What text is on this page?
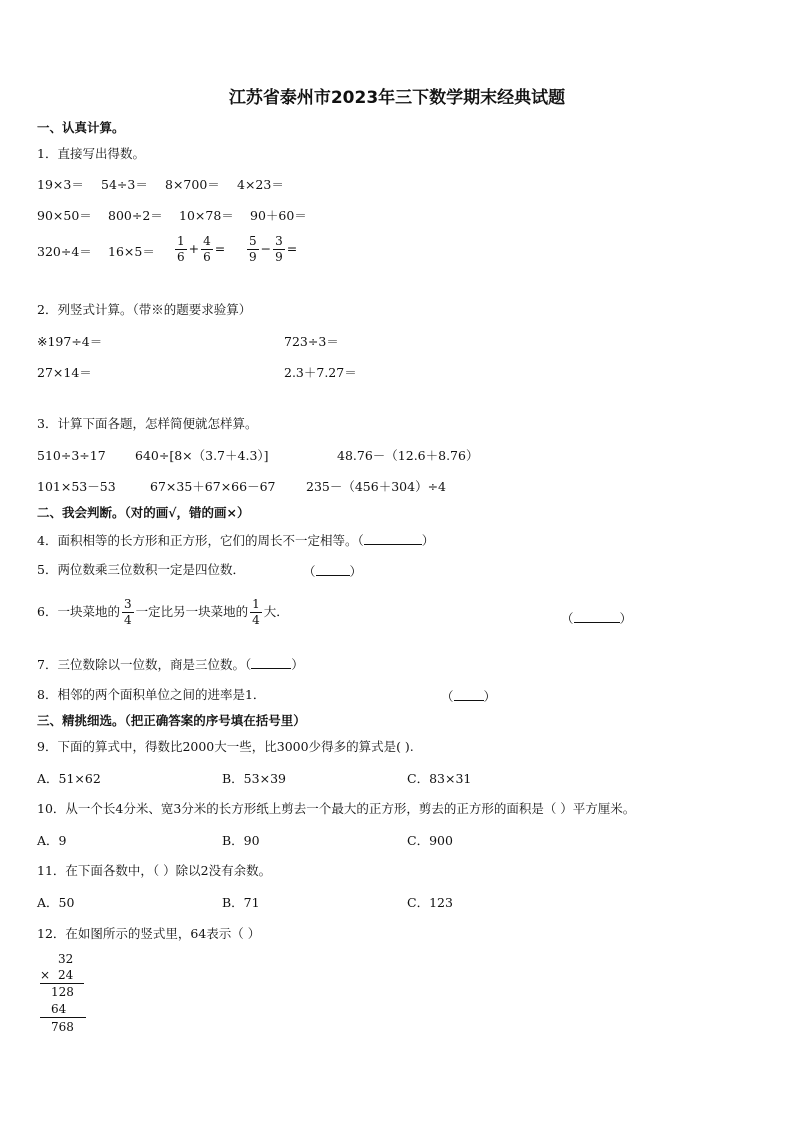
江苏省泰州市2023年三下数学期末经典试题
一、认真计算。
1．直接写出得数。
19×3＝ 54÷3＝ 8×700＝ 4×23＝
90×50＝ 800÷2＝ 10×78＝ 90＋60＝
$320\div 4= 16\times 5= \frac{1}{6} + \frac{4}{6} = \frac{5}{9} - \frac{3}{9}$ =
2．列竖式计算。（带※的题要求验算）
※197÷4＝	723÷3＝
27×14＝	2.3＋7.27＝
3．计算下面各题，怎样简便就怎样算。
510÷3÷17 640÷[8×（3.7＋4.3）]	48.76－（12.6＋8.76）
101×53－53	67×35＋67×66－67 235－（456＋304）÷4
二、我会判断。（对的画√，错的画×）
4．面积相等的长方形和正方形，它们的周长不一定相等。（	）
5．两位数乘三位数积一定是四位数．	（	）
6．一块菜地的 $\frac{3}{4}$ 一定比另一块菜地的 $\frac{1}{4}$ 大．	（	）
7．三位数除以一位数，商是三位数。（	）
8．相邻的两个面积单位之间的进率是1．	（ ）
三、精挑细选。（把正确答案的序号填在括号里）
9．下面的算式中，得数比2000大一些，比3000少得多的算式是( ).
A．51×62	B．53×39	C．83×31
10．从一个长4分米、宽3分米的长方形纸上剪去一个最大的正方形，剪去的正方形的面积是（ ）平方厘米。
A．9	B．90	C．900
11．在下面各数中，（ ）除以2没有余数。
A．50	B．71	C．123
12．在如图所示的竖式里，64表示（ ）
32
× 24
128
64
768
